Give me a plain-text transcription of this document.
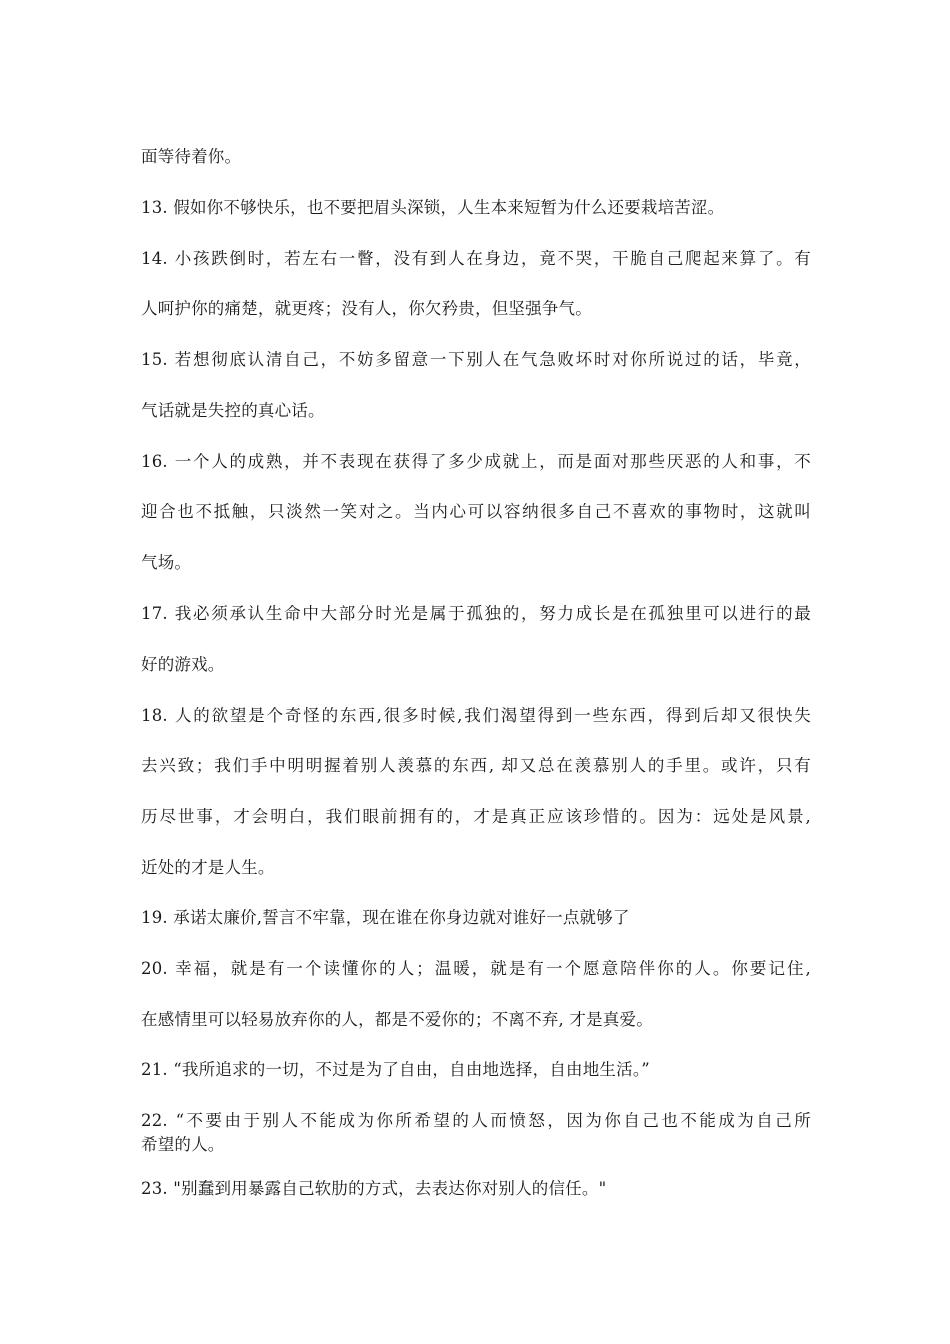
面等待着你。
13. 假如你不够快乐，也不要把眉头深锁，人生本来短暂为什么还要栽培苦涩。
14. 小孩跌倒时，若左右一瞥，没有到人在身边，竟不哭，干脆自己爬起来算了。有
人呵护你的痛楚，就更疼；没有人，你欠矜贵，但坚强争气。
15. 若想彻底认清自己，不妨多留意一下别人在气急败坏时对你所说过的话，毕竟，
气话就是失控的真心话。
16. 一个人的成熟，并不表现在获得了多少成就上，而是面对那些厌恶的人和事，不
迎合也不抵触，只淡然一笑对之。当内心可以容纳很多自己不喜欢的事物时，这就叫
气场。
17. 我必须承认生命中大部分时光是属于孤独的，努力成长是在孤独里可以进行的最
好的游戏。
18. 人的欲望是个奇怪的东西,很多时候,我们渴望得到一些东西，得到后却又很快失
去兴致；我们手中明明握着别人羡慕的东西, 却又总在羡慕别人的手里。或许，只有
历尽世事，才会明白，我们眼前拥有的，才是真正应该珍惜的。因为：远处是风景,
近处的才是人生。
19. 承诺太廉价,誓言不牢靠，现在谁在你身边就对谁好一点就够了
20. 幸福，就是有一个读懂你的人；温暖，就是有一个愿意陪伴你的人。你要记住,
在感情里可以轻易放弃你的人，都是不爱你的；不离不弃, 才是真爱。
21. “我所追求的一切，不过是为了自由，自由地选择，自由地生活。”
22. “不要由于别人不能成为你所希望的人而愤怒，因为你自己也不能成为自己所
希望的人。
23. "别蠢到用暴露自己软肋的方式，去表达你对别人的信任。"
